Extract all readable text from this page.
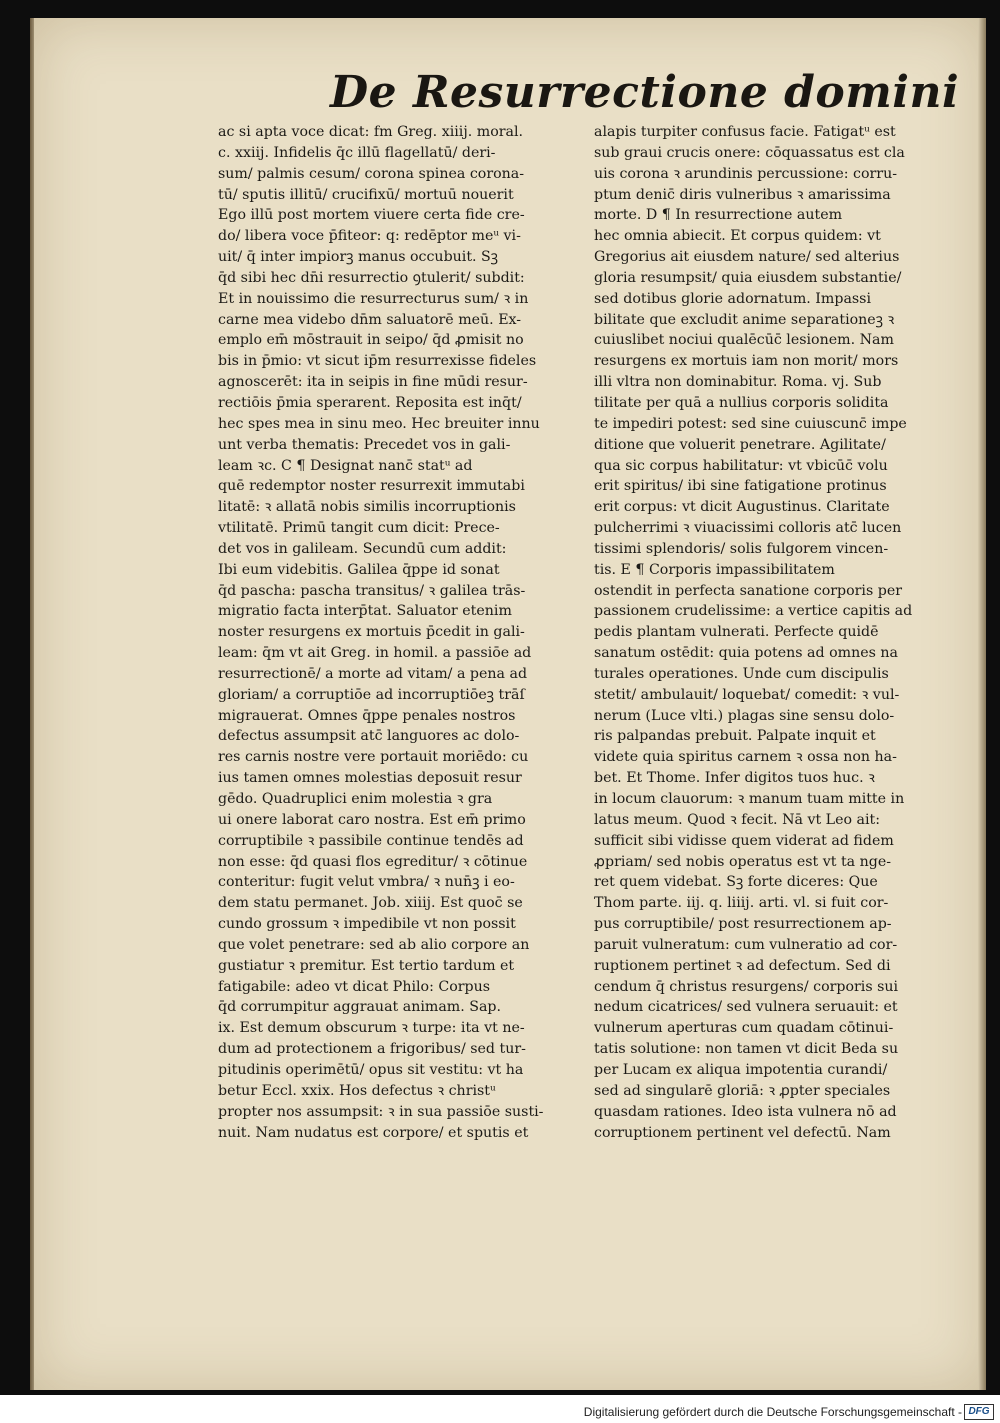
De Resurrectione domini
ac si apta voce dicat: fm Greg. xiiij. moral.
c. xxiij. Infidelis q̄c illū flagellatū/ deri-
sum/ palmis cesum/ corona spinea corona-
tū/ sputis illitū/ crucifixū/ mortuū nouerit
Ego illū post mortem viuere certa fide cre-
do/ libera voce p̄fiteor: q: redēptor meᵘ vi-
uit/ q̄ inter impiorꝫ manus occubuit. Sꝫ
q̄d sibi hec dn̄i resurrectio ꝯtulerit/ subdit:
Et in nouissimo die resurrecturus sum/ ꝛ in
carne mea videbo dn̄m saluatorē meū. Ex-
emplo em̄ mōstrauit in seipo/ q̄d ꝓmisit no
bis in p̄mio: vt sicut ip̄m resurrexisse fideles
agnoscerēt: ita in seipis in fine mūdi resur-
rectiōis p̄mia sperarent. Reposita est inq̄t/
hec spes mea in sinu meo. Hec breuiter innu
unt verba thematis: Precedet vos in gali-
leam ꝛc. C ¶ Designat nanc̄ statᵘ ad
quē redemptor noster resurrexit immutabi
litatē: ꝛ allatā nobis similis incorruptionis
vtilitatē. Primū tangit cum dicit: Prece-
det vos in galileam. Secundū cum addit:
Ibi eum videbitis. Galilea q̄ppe id sonat
q̄d pascha: pascha transitus/ ꝛ galilea trās-
migratio facta interp̄tat. Saluator etenim
noster resurgens ex mortuis p̄cedit in gali-
leam: q̄m vt ait Greg. in homil. a passiōe ad
resurrectionē/ a morte ad vitam/ a pena ad
gloriam/ a corruptiōe ad incorruptiōeꝫ trāſ
migrauerat. Omnes q̄ppe penales nostros
defectus assumpsit atc̄ languores ac dolo-
res carnis nostre vere portauit moriēdo: cu
ius tamen omnes molestias deposuit resur
gēdo. Quadruplici enim molestia ꝛ gra
ui onere laborat caro nostra. Est em̄ primo
corruptibile ꝛ passibile continue tendēs ad
non esse: q̄d quasi flos egreditur/ ꝛ cōtinue
conteritur: fugit velut vmbra/ ꝛ nun̄ꝫ i eo-
dem statu permanet. Job. xiiij. Est quoc̄ se
cundo grossum ꝛ impedibile vt non possit
que volet penetrare: sed ab alio corpore an
gustiatur ꝛ premitur. Est tertio tardum et
fatigabile: adeo vt dicat Philo: Corpus
q̄d corrumpitur aggrauat animam. Sap.
ix. Est demum obscurum ꝛ turpe: ita vt ne-
dum ad protectionem a frigoribus/ sed tur-
pitudinis operimētū/ opus sit vestitu: vt ha
betur Eccl. xxix. Hos defectus ꝛ christᵘ
propter nos assumpsit: ꝛ in sua passiōe susti-
nuit. Nam nudatus est corpore/ et sputis et
alapis turpiter confusus facie. Fatigatᵘ est
sub graui crucis onere: cōquassatus est cla
uis corona ꝛ arundinis percussione: corru-
ptum denic̄ diris vulneribus ꝛ amarissima
morte. D ¶ In resurrectione autem
hec omnia abiecit. Et corpus quidem: vt
Gregorius ait eiusdem nature/ sed alterius
gloria resumpsit/ quia eiusdem substantie/
sed dotibus glorie adornatum. Impassi
bilitate que excludit anime separationeꝫ ꝛ
cuiuslibet nociui qualēcūc̄ lesionem. Nam
resurgens ex mortuis iam non morit/ mors
illi vltra non dominabitur. Roma. vj. Sub
tilitate per quā a nullius corporis solidita
te impediri potest: sed sine cuiuscunc̄ impe
ditione que voluerit penetrare. Agilitate/
qua sic corpus habilitatur: vt vbicūc̄ volu
erit spiritus/ ibi sine fatigatione protinus
erit corpus: vt dicit Augustinus. Claritate
pulcherrimi ꝛ viuacissimi colloris atc̄ lucen
tissimi splendoris/ solis fulgorem vincen-
tis. E ¶ Corporis impassibilitatem
ostendit in perfecta sanatione corporis per
passionem crudelissime: a vertice capitis ad
pedis plantam vulnerati. Perfecte quidē
sanatum ostēdit: quia potens ad omnes na
turales operationes. Unde cum discipulis
stetit/ ambulauit/ loquebat/ comedit: ꝛ vul-
nerum (Luce vlti.) plagas sine sensu dolo-
ris palpandas prebuit. Palpate inquit et
videte quia spiritus carnem ꝛ ossa non ha-
bet. Et Thome. Infer digitos tuos huc. ꝛ
in locum clauorum: ꝛ manum tuam mitte in
latus meum. Quod ꝛ fecit. Nā vt Leo ait:
sufficit sibi vidisse quem viderat ad fidem
ꝓpriam/ sed nobis operatus est vt ta nge-
ret quem videbat. Sꝫ forte diceres: Que
Thom parte. iij. q. liiij. arti. vl. si fuit cor-
pus corruptibile/ post resurrectionem ap-
paruit vulneratum: cum vulneratio ad cor-
ruptionem pertinet ꝛ ad defectum. Sed di
cendum q̄ christus resurgens/ corporis sui
nedum cicatrices/ sed vulnera seruauit: et
vulnerum aperturas cum quadam cōtinui-
tatis solutione: non tamen vt dicit Beda su
per Lucam ex aliqua impotentia curandi/
sed ad singularē gloriā: ꝛ ꝓpter speciales
quasdam rationes. Ideo ista vulnera nō ad
corruptionem pertinent vel defectū. Nam
Digitalisierung gefördert durch die Deutsche Forschungsgemeinschaft - DFG
